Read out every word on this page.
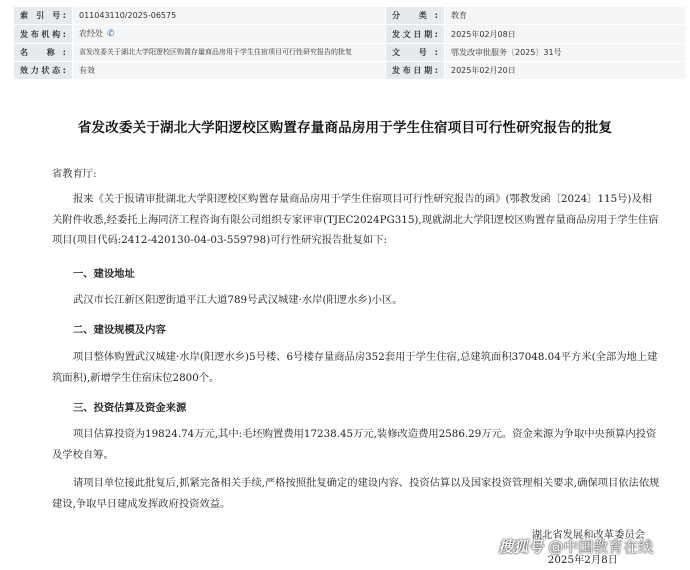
索 引 号:	011043110/2025-06575	分 类:	教育
发布机构:	农经处 ✆	发文日期:	2025年02月08日
名 称:	省发改委关于湖北大学阳逻校区购置存量商品房用于学生住宿项目可行性研究报告的批复	文 号:	鄂发改审批服务〔2025〕31号
效力状态:	有效	发布日期:	2025年02月20日
省发改委关于湖北大学阳逻校区购置存量商品房用于学生住宿项目可行性研究报告的批复
省教育厅:

报来《关于报请审批湖北大学阳逻校区购置存量商品房用于学生住宿项目可行性研究报告的函》(鄂教发函〔2024〕115号)及相关附件收悉,经委托上海同济工程咨询有限公司组织专家评审(TJEC2024PG315),现就湖北大学阳逻校区购置存量商品房用于学生住宿项目(项目代码:2412-420130-04-03-559798)可行性研究报告批复如下:

一、建设地址

武汉市长江新区阳逻街道平江大道789号武汉城建·水岸(阳逻水乡)小区。

二、建设规模及内容

项目整体购置武汉城建·水岸(阳逻水乡)5号楼、6号楼存量商品房352套用于学生住宿,总建筑面积37048.04平方米(全部为地上建筑面积),新增学生住宿床位2800个。

三、投资估算及资金来源

项目估算投资为19824.74万元,其中:毛坯购置费用17238.45万元,装修改造费用2586.29万元。资金来源为争取中央预算内投资及学校自筹。

请项目单位接此批复后,抓紧完备相关手续,严格按照批复确定的建设内容、投资估算以及国家投资管理相关要求,确保项目依法依规建设,争取早日建成发挥政府投资效益。

湖北省发展和改革委员会
2025年2月8日
搜狐号 @中国教育在线
